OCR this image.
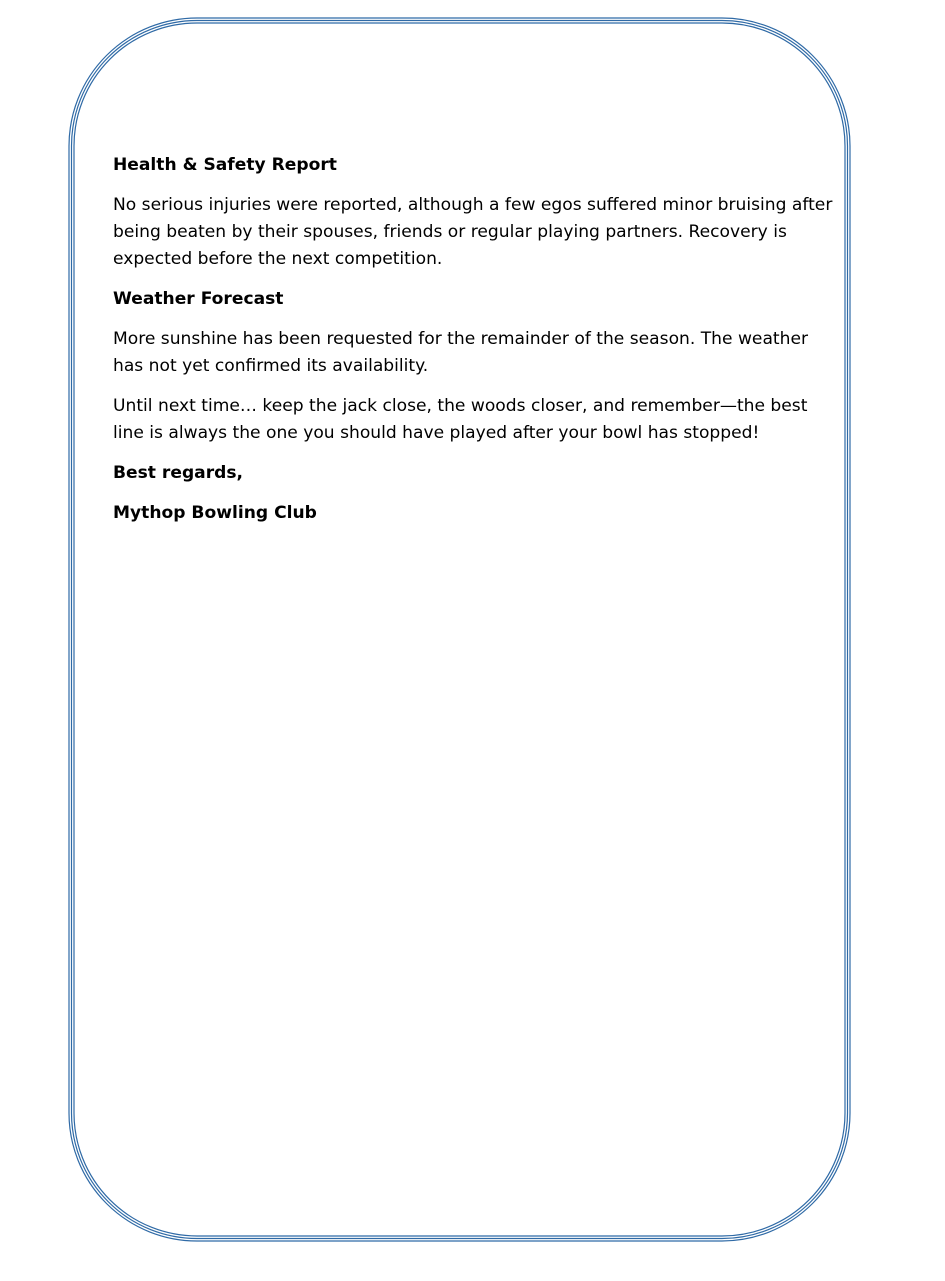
Health & Safety Report

No serious injuries were reported, although a few egos suffered minor bruising after being beaten by their spouses, friends or regular playing partners. Recovery is expected before the next competition.

Weather Forecast

More sunshine has been requested for the remainder of the season. The weather has not yet confirmed its availability.

Until next time… keep the jack close, the woods closer, and remember—the best line is always the one you should have played after your bowl has stopped!

Best regards,

Mythop Bowling Club
